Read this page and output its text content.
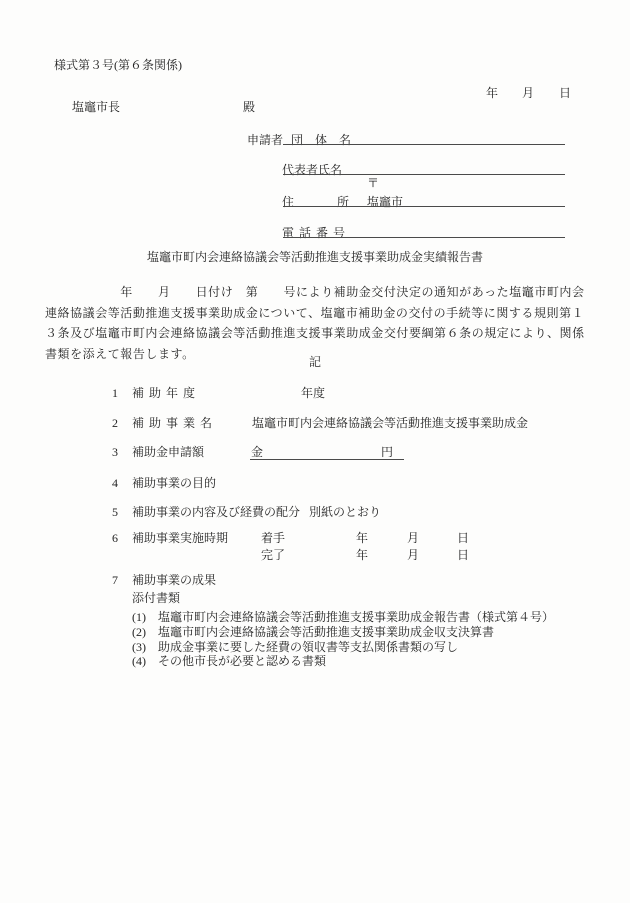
様式第３号(第６条関係)
年 月 日
塩竈市長	殿
申請者 団　体　名
代表者氏名
〒
住	所 塩竈市
電話番号
塩竈市町内会連絡協議会等活動推進支援事業助成金実績報告書
　　　　　　年　　月　　日付け　第　　号により補助金交付決定の通知があった塩竈市町内会
連絡協議会等活動推進支援事業助成金について、塩竈市補助金の交付の手続等に関する規則第１
３条及び塩竈市町内会連絡協議会等活動推進支援事業助成金交付要綱第６条の規定により、関係
書類を添えて報告します。
記
1 補助年度	年度
2 補助事業名	塩竈市町内会連絡協議会等活動推進支援事業助成金
3 補助金申請額	金	円
4 補助事業の目的
5 補助事業の内容及び経費の配分 別紙のとおり
6 補助事業実施時期	着手	年	月	日
完了	年	月	日
7 補助事業の成果
添付書類
(1)　塩竈市町内会連絡協議会等活動推進支援事業助成金報告書（様式第４号）
(2)　塩竈市町内会連絡協議会等活動推進支援事業助成金収支決算書
(3)　助成金事業に要した経費の領収書等支払関係書類の写し
(4)　その他市長が必要と認める書類
